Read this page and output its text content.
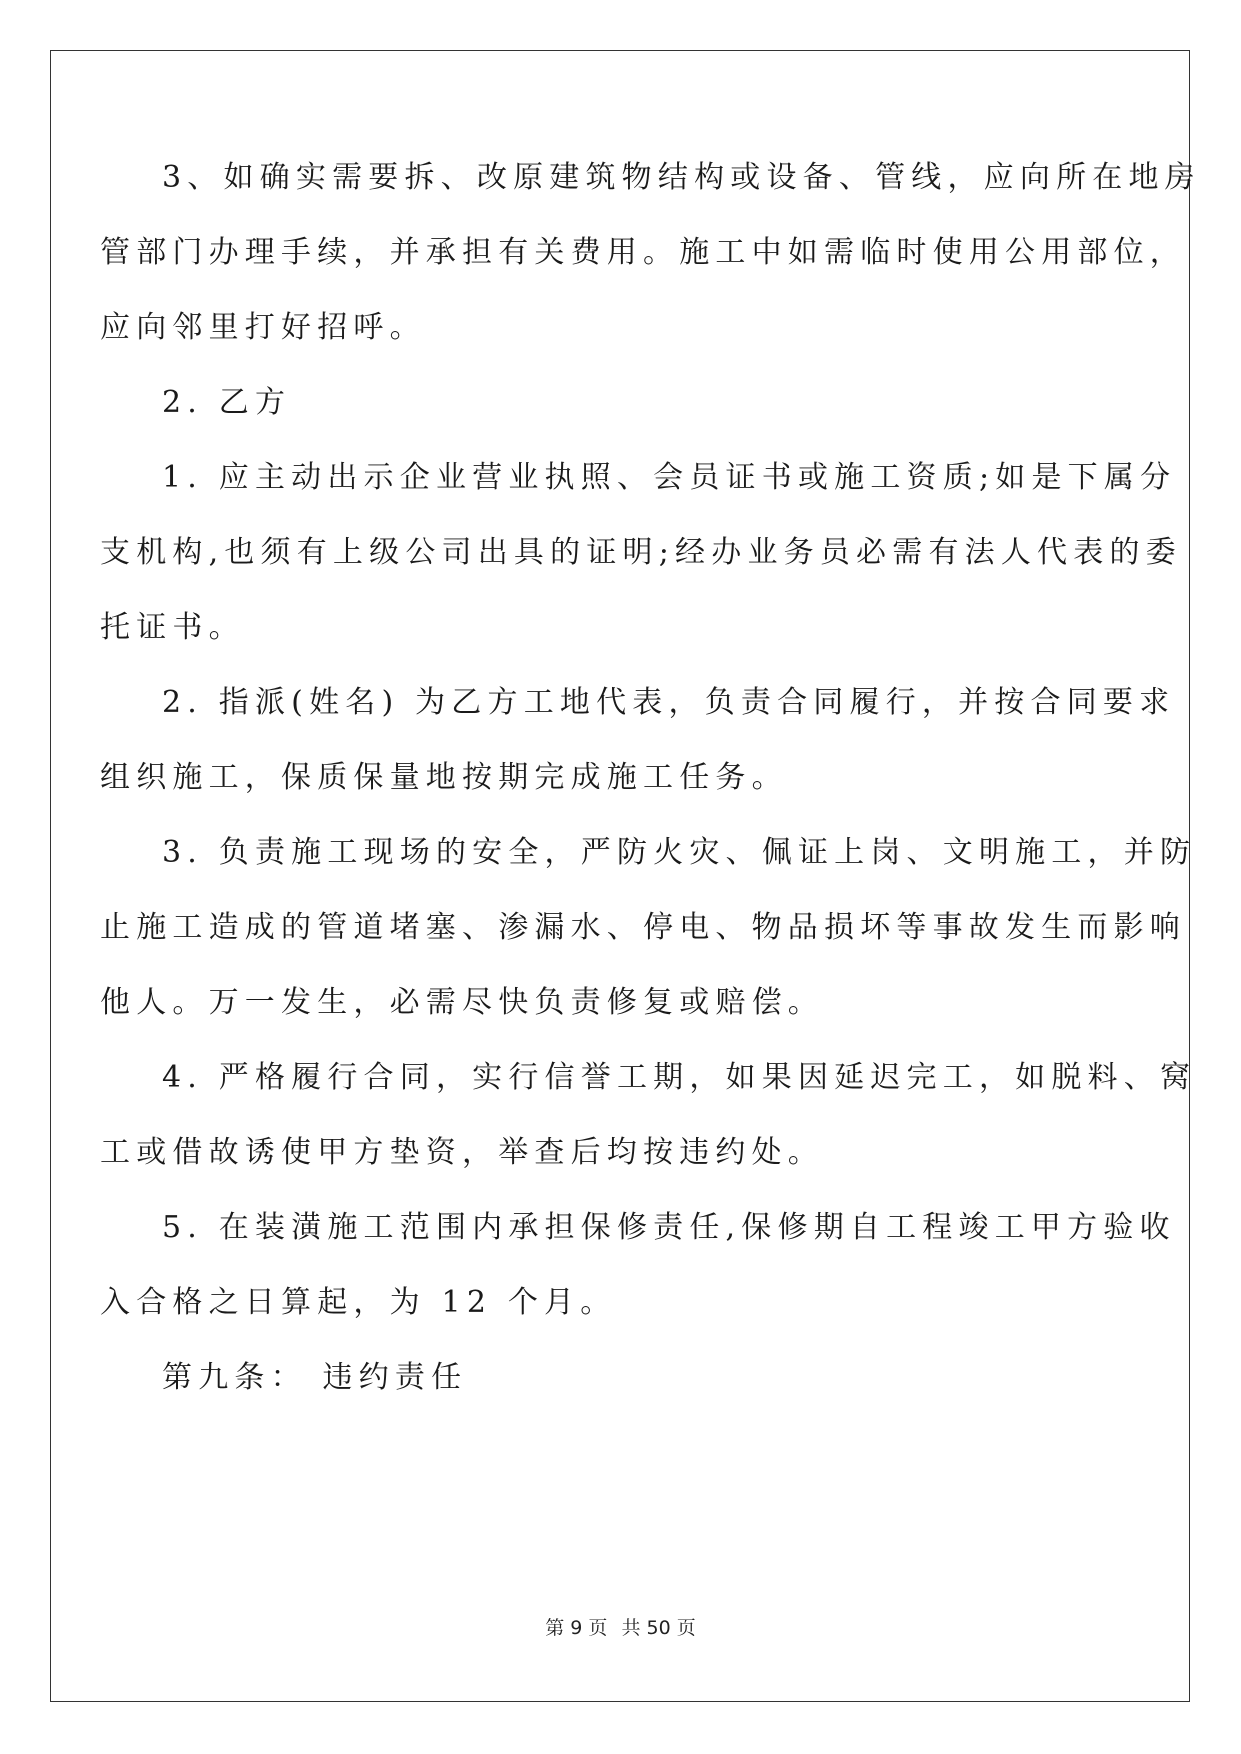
3、如确实需要拆、改原建筑物结构或设备、管线，应向所在地房
管部门办理手续，并承担有关费用。施工中如需临时使用公用部位，
应向邻里打好招呼。
2. 乙方
1. 应主动出示企业营业执照、会员证书或施工资质;如是下属分
支机构,也须有上级公司出具的证明;经办业务员必需有法人代表的委
托证书。
2. 指派(姓名) 为乙方工地代表，负责合同履行，并按合同要求
组织施工，保质保量地按期完成施工任务。
3. 负责施工现场的安全，严防火灾、佩证上岗、文明施工，并防
止施工造成的管道堵塞、渗漏水、停电、物品损坏等事故发生而影响
他人。万一发生，必需尽快负责修复或赔偿。
4. 严格履行合同，实行信誉工期，如果因延迟完工，如脱料、窝
工或借故诱使甲方垫资，举查后均按违约处。
5. 在装潢施工范围内承担保修责任,保修期自工程竣工甲方验收
入合格之日算起，为 12 个月。
第九条： 违约责任
第 9 页 共 50 页
